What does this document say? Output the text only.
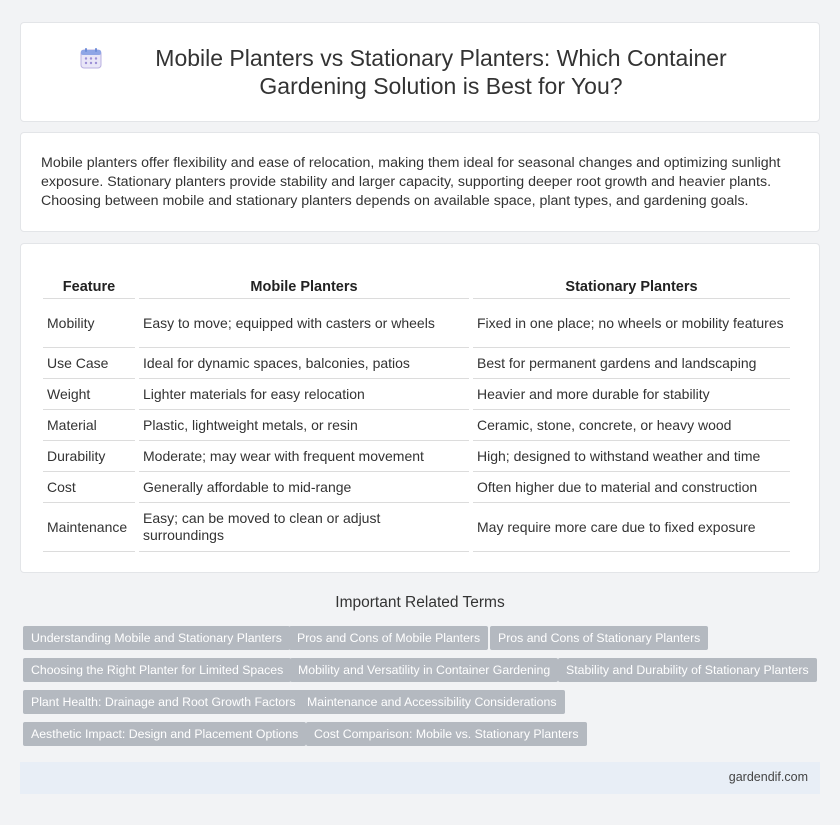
Mobile Planters vs Stationary Planters: Which Container Gardening Solution is Best for You?
Mobile planters offer flexibility and ease of relocation, making them ideal for seasonal changes and optimizing sunlight exposure. Stationary planters provide stability and larger capacity, supporting deeper root growth and heavier plants. Choosing between mobile and stationary planters depends on available space, plant types, and gardening goals.
Feature	Mobile Planters	Stationary Planters
Mobility	Easy to move; equipped with casters or wheels	Fixed in one place; no wheels or mobility features
Use Case	Ideal for dynamic spaces, balconies, patios	Best for permanent gardens and landscaping
Weight	Lighter materials for easy relocation	Heavier and more durable for stability
Material	Plastic, lightweight metals, or resin	Ceramic, stone, concrete, or heavy wood
Durability	Moderate; may wear with frequent movement	High; designed to withstand weather and time
Cost	Generally affordable to mid-range	Often higher due to material and construction
Maintenance	Easy; can be moved to clean or adjust surroundings	May require more care due to fixed exposure
Important Related Terms
Understanding Mobile and Stationary Planters	Pros and Cons of Mobile Planters	Pros and Cons of Stationary Planters
Choosing the Right Planter for Limited Spaces	Mobility and Versatility in Container Gardening	Stability and Durability of Stationary Planters
Plant Health: Drainage and Root Growth Factors Maintenance and Accessibility Considerations
Aesthetic Impact: Design and Placement Options	Cost Comparison: Mobile vs. Stationary Planters
gardendif.com
